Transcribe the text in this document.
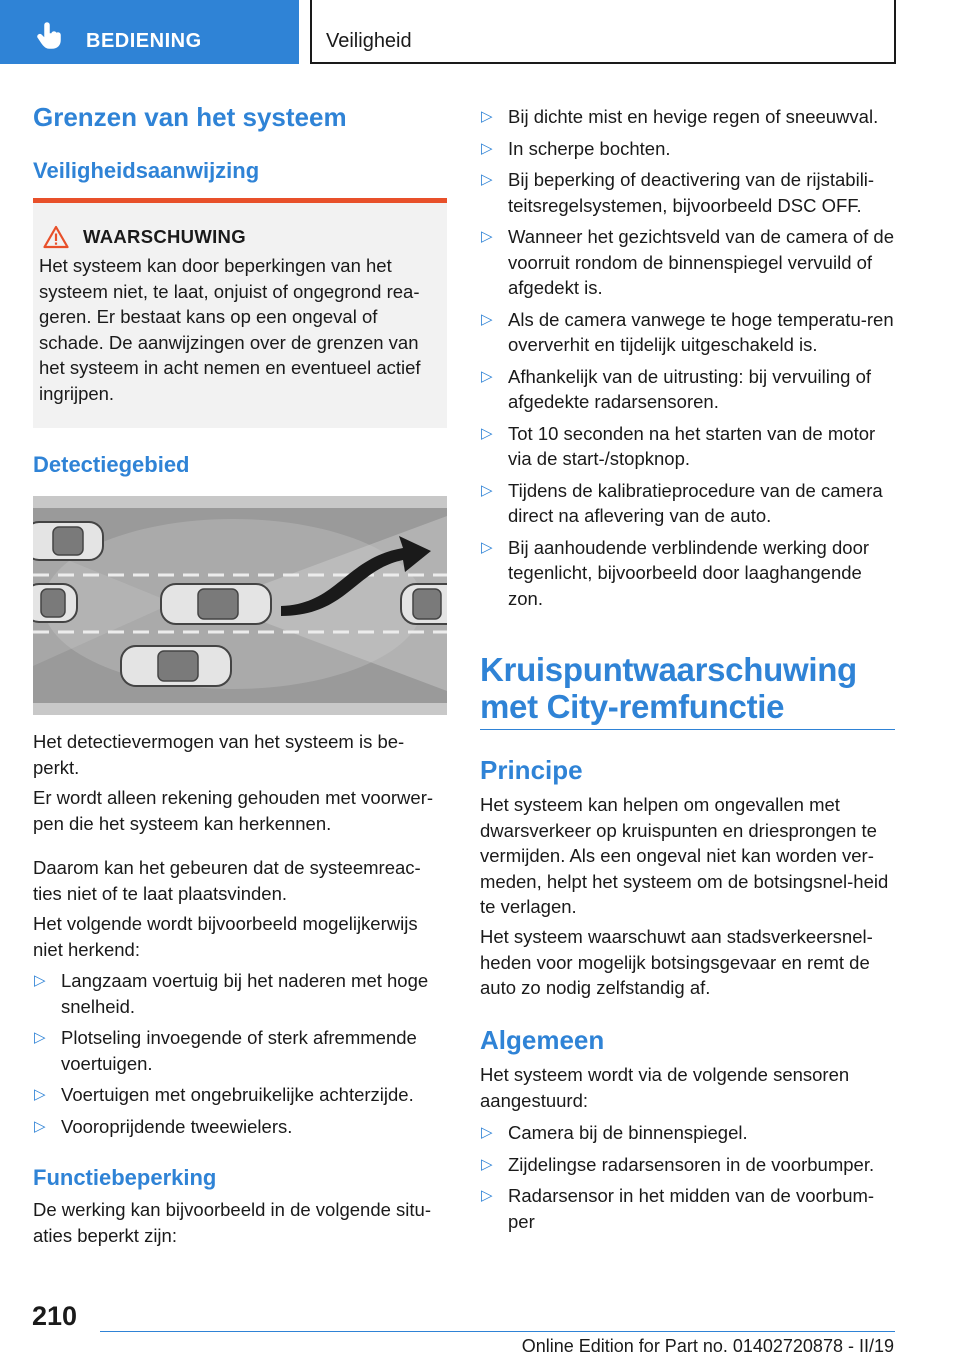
BEDIENING	Veiligheid
Grenzen van het systeem
Veiligheidsaanwijzing
WAARSCHUWING
Het systeem kan door beperkingen van het systeem niet, te laat, onjuist of ongegrond rea-geren. Er bestaat kans op een ongeval of schade. De aanwijzingen over de grenzen van het systeem in acht nemen en eventueel actief ingrijpen.
Detectiegebied
Het detectievermogen van het systeem is be-perkt.
Er wordt alleen rekening gehouden met voorwer-pen die het systeem kan herkennen.
Daarom kan het gebeuren dat de systeemreac-ties niet of te laat plaatsvinden.
Het volgende wordt bijvoorbeeld mogelijkerwijs niet herkend:
▷ Langzaam voertuig bij het naderen met hoge snelheid.
▷ Plotseling invoegende of sterk afremmende voertuigen.
▷ Voertuigen met ongebruikelijke achterzijde.
▷ Vooroprijdende tweewielers.
Functiebeperking
De werking kan bijvoorbeeld in de volgende situ-aties beperkt zijn:
▷ Bij dichte mist en hevige regen of sneeuwval.
▷ In scherpe bochten.
▷ Bij beperking of deactivering van de rijstabili-teitsregelsystemen, bijvoorbeeld DSC OFF.
▷ Wanneer het gezichtsveld van de camera of de voorruit rondom de binnenspiegel vervuild of afgedekt is.
▷ Als de camera vanwege te hoge temperatu-ren oververhit en tijdelijk uitgeschakeld is.
▷ Afhankelijk van de uitrusting: bij vervuiling of afgedekte radarsensoren.
▷ Tot 10 seconden na het starten van de motor via de start-/stopknop.
▷ Tijdens de kalibratieprocedure van de camera direct na aflevering van de auto.
▷ Bij aanhoudende verblindende werking door tegenlicht, bijvoorbeeld door laaghangende zon.
Kruispuntwaarschuwing
met City-remfunctie
Principe
Het systeem kan helpen om ongevallen met dwarsverkeer op kruispunten en driesprongen te vermijden. Als een ongeval niet kan worden ver-meden, helpt het systeem om de botsingsnel-heid te verlagen.
Het systeem waarschuwt aan stadsverkeersnel-heden voor mogelijk botsingsgevaar en remt de auto zo nodig zelfstandig af.
Algemeen
Het systeem wordt via de volgende sensoren aangestuurd:
▷ Camera bij de binnenspiegel.
▷ Zijdelingse radarsensoren in de voorbumper.
▷ Radarsensor in het midden van de voorbum-per
210
Online Edition for Part no. 01402720878 - II/19
